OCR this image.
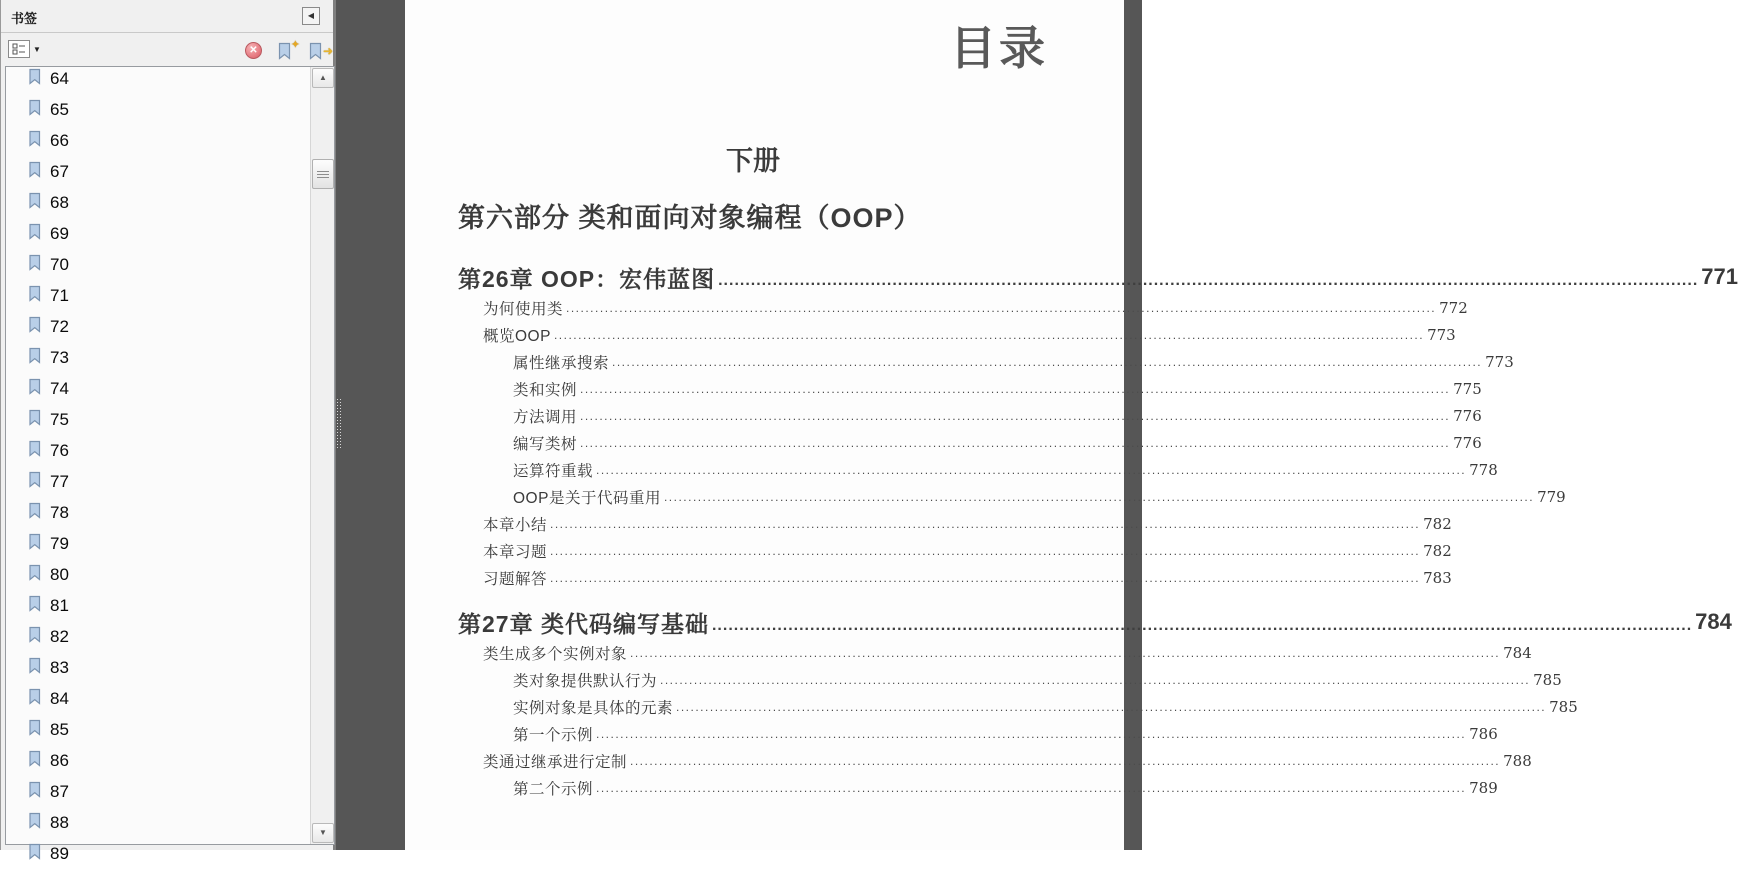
书签	◀
▼	✕	✦ ➜
64
65
66
67
68
69
70
71
72
73
74
75
76
77
78
79
80
81
82
83
84
85
86
87
88
89
▲
▼
目录
下册
第六部分 类和面向对象编程（OOP）
第26章 OOP：宏伟蓝图 .....	771
为何使用类 .....	772
概览OOP .....	773
属性继承搜索 .....	773
类和实例 .....	775
方法调用 .....	776
编写类树 .....	776
运算符重载 .....	778
OOP是关于代码重用 .....	779
本章小结 .....	782
本章习题 .....	782
习题解答 .....	783
第27章 类代码编写基础 .....	784
类生成多个实例对象 .....	784
类对象提供默认行为 .....	785
实例对象是具体的元素 .....	785
第一个示例 .....	786
类通过继承进行定制 .....	788
第二个示例 .....	789
